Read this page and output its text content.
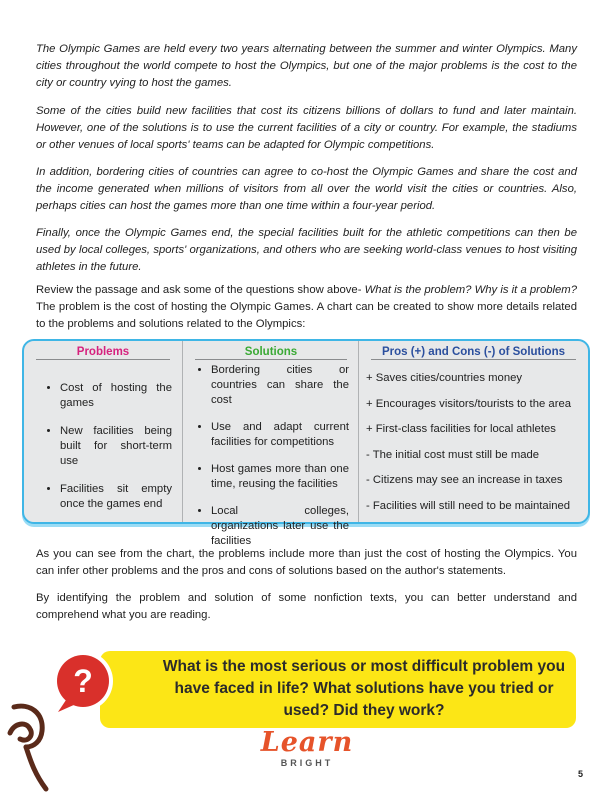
The Olympic Games are held every two years alternating between the summer and winter Olympics. Many cities throughout the world compete to host the Olympics, but one of the major problems is the cost to the city or country vying to host the games.

Some of the cities build new facilities that cost its citizens billions of dollars to fund and later maintain. However, one of the solutions is to use the current facilities of a city or country. For example, the stadiums or other venues of local sports' teams can be adapted for Olympic competitions.

In addition, bordering cities of countries can agree to co-host the Olympic Games and share the cost and the income generated when millions of visitors from all over the world visit the cities or countries. Also, perhaps cities can host the games more than one time within a four-year period.

Finally, once the Olympic Games end, the special facilities built for the athletic competitions can then be used by local colleges, sports' organizations, and others who are seeking world-class venues to host visiting athletes in the future.

Review the passage and ask some of the questions show above- What is the problem? Why is it a problem? The problem is the cost of hosting the Olympic Games. A chart can be created to show more details related to the problems and solutions related to the Olympics:

Problems
• Cost of hosting the games
• New facilities being built for short-term use
• Facilities sit empty once the games end
Solutions
• Bordering cities or countries can share the cost
• Use and adapt current facilities for competitions
• Host games more than one time, reusing the facilities
• Local colleges, organizations later use the facilities
Pros (+) and Cons (-) of Solutions
+ Saves cities/countries money
+ Encourages visitors/tourists to the area
+ First-class facilities for local athletes
- The initial cost must still be made
- Citizens may see an increase in taxes
- Facilities will still need to be maintained

As you can see from the chart, the problems include more than just the cost of hosting the Olympics. You can infer other problems and the pros and cons of solutions based on the author's statements.

By identifying the problem and solution of some nonfiction texts, you can better understand and comprehend what you are reading.

What is the most serious or most difficult problem you have faced in life? What solutions have you tried or used? Did they work?
?
Learn
BRIGHT
5
